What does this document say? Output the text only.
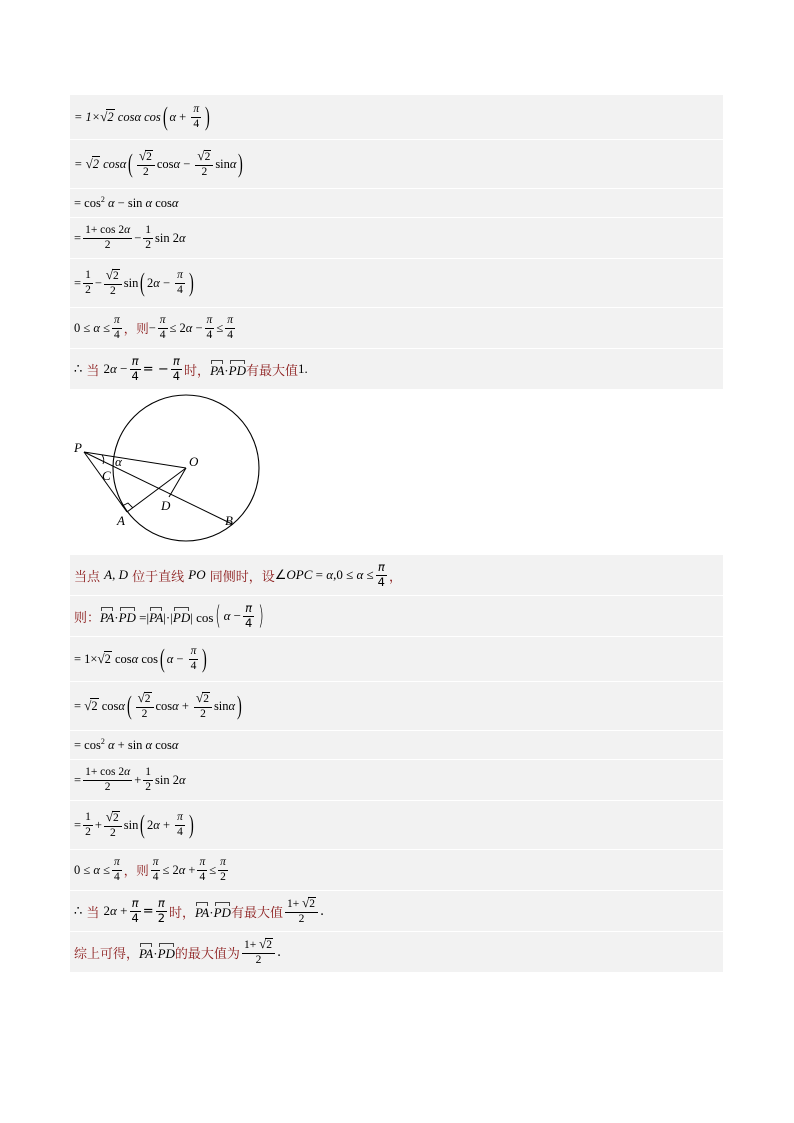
= 1×√2 cosα cos ( $\alpha + \frac{\pi}{4}$ )
= √2 cosα ( $\frac{√2}{2}$ $\cos \alpha - \frac{√2}{2}$ sin α )
= $\cos^2 \alpha - \sin \alpha$ cosα
= $\frac{1+ \cos 2\alpha}{2} - \frac{1}{2}$ sin 2 α
= $\frac{1}{2} - \frac{√2}{2}$ sin ( 2 $\alpha - \frac{\pi}{4}$ )
$0 \le \alpha \le \frac{\pi}{4}$ ，则 − $\frac{\pi}{4} \le 2$ $\alpha - \frac{\pi}{4} \le \frac{\pi}{4}$
∴ 当 $2\alpha - \frac{\pi}{4}$ = − $\frac{\pi}{4}$ 时， PA·PD 有最大值 1.
P
O
C
α
D
A	B
当点 A, D 位于直线 PO 同侧时，设 ∠OPC = $\alpha,0 \le \alpha \le \frac{\pi}{4}$ ，
则： PA·PD =|PA|·|PD| cos ( $\alpha - \frac{\pi}{4}$ )
= 1×√2 cosα cos ( $\alpha - \frac{\pi}{4}$ )
= √2 cosα ( $\frac{√2}{2}$ $\cos \alpha + \frac{√2}{2}$ sin α )
= $\cos^2 \alpha + \sin \alpha$ cosα
= $\frac{1+ \cos 2\alpha}{2} + \frac{1}{2}$ sin 2 α
= $\frac{1}{2} + \frac{√2}{2}$ sin ( 2 $\alpha + \frac{\pi}{4}$ )
$0 \le \alpha \le \frac{\pi}{4}$ ，则 $\frac{\pi}{4} \le 2$ $\alpha + \frac{\pi}{4} \le \frac{\pi}{2}$
∴ 当 $2\alpha + \frac{\pi}{4} = \frac{\pi}{2}$ 时， PA·PD 有最大值 $\frac{1+ √2}{2}$ .
综上可得， PA·PD 的最大值为 $\frac{1+ √2}{2}$ .
